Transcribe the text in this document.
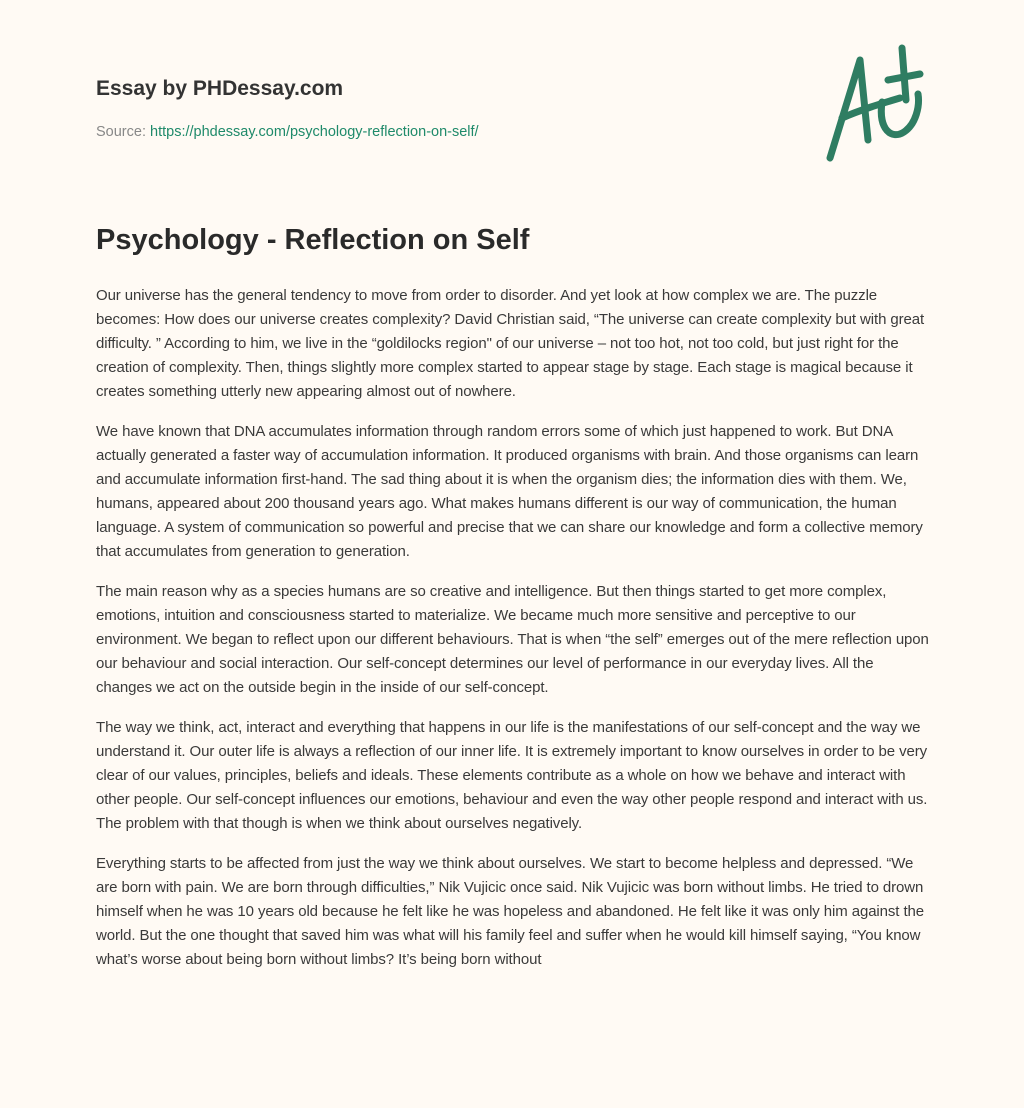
Essay by PHDessay.com
Source: https://phdessay.com/psychology-reflection-on-self/
Psychology - Reflection on Self

Our universe has the general tendency to move from order to disorder. And yet look at how complex we are. The puzzle becomes: How does our universe creates complexity? David Christian said, “The universe can create complexity but with great difficulty. ” According to him, we live in the “goldilocks region" of our universe – not too hot, not too cold, but just right for the creation of complexity. Then, things slightly more complex started to appear stage by stage. Each stage is magical because it creates something utterly new appearing almost out of nowhere.

We have known that DNA accumulates information through random errors some of which just happened to work. But DNA actually generated a faster way of accumulation information. It produced organisms with brain. And those organisms can learn and accumulate information first-hand. The sad thing about it is when the organism dies; the information dies with them. We, humans, appeared about 200 thousand years ago. What makes humans different is our way of communication, the human language. A system of communication so powerful and precise that we can share our knowledge and form a collective memory that accumulates from generation to generation.

The main reason why as a species humans are so creative and intelligence. But then things started to get more complex, emotions, intuition and consciousness started to materialize. We became much more sensitive and perceptive to our environment. We began to reflect upon our different behaviours. That is when “the self” emerges out of the mere reflection upon our behaviour and social interaction. Our self-concept determines our level of performance in our everyday lives. All the changes we act on the outside begin in the inside of our self-concept.

The way we think, act, interact and everything that happens in our life is the manifestations of our self-concept and the way we understand it. Our outer life is always a reflection of our inner life. It is extremely important to know ourselves in order to be very clear of our values, principles, beliefs and ideals. These elements contribute as a whole on how we behave and interact with other people. Our self-concept influences our emotions, behaviour and even the way other people respond and interact with us. The problem with that though is when we think about ourselves negatively.

Everything starts to be affected from just the way we think about ourselves. We start to become helpless and depressed. “We are born with pain. We are born through difficulties,” Nik Vujicic once said. Nik Vujicic was born without limbs. He tried to drown himself when he was 10 years old because he felt like he was hopeless and abandoned. He felt like it was only him against the world. But the one thought that saved him was what will his family feel and suffer when he would kill himself saying, “You know what’s worse about being born without limbs? It’s being born without
